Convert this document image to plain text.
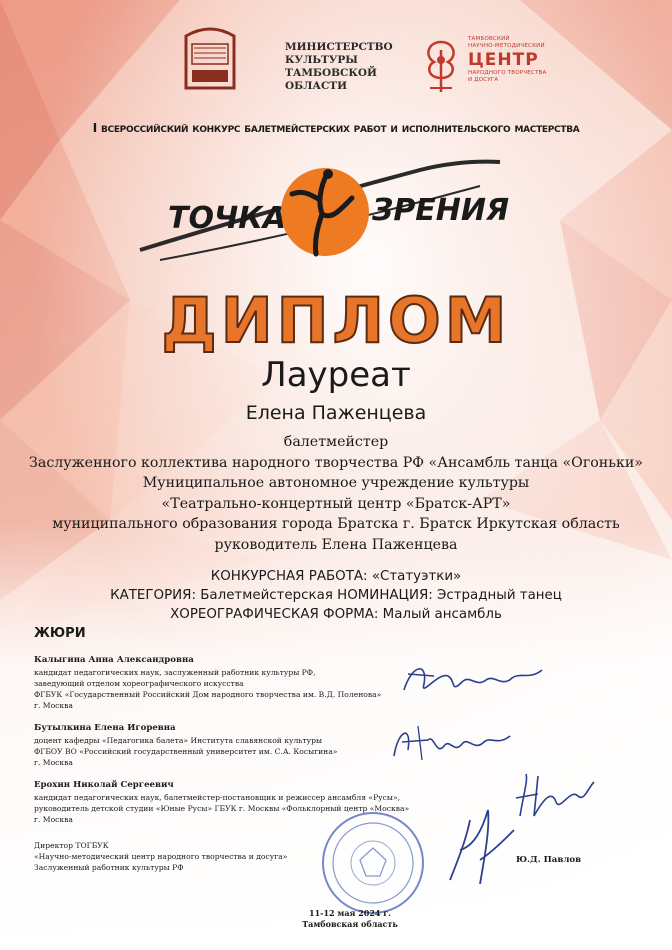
МИНИСТЕРСТВО
КУЛЬТУРЫ
ТАМБОВСКОЙ
ОБЛАСТИ
ТАМБОВСКИЙ
НАУЧНО-МЕТОДИЧЕСКИЙ
ЦЕНТР
НАРОДНОГО ТВОРЧЕСТВА
И ДОСУГА
I всероссийский конкурс балетмейстерских работ и исполнительского мастерства
ТОЧКА	ЗРЕНИЯ
ДИПЛОМ
Лауреат
Елена Паженцева
балетмейстер
Заслуженного коллектива народного творчества РФ «Ансамбль танца «Огоньки»
Муниципальное автономное учреждение культуры
«Театрально-концертный центр «Братск-АРТ»
муниципального образования города Братска г. Братск Иркутская область
руководитель Елена Паженцева
КОНКУРСНАЯ РАБОТА: «Статуэтки»
КАТЕГОРИЯ: Балетмейстерская НОМИНАЦИЯ: Эстрадный танец
ХОРЕОГРАФИЧЕСКАЯ ФОРМА: Малый ансамбль
ЖЮРИ
Калыгина Анна Александровна
кандидат педагогических наук, заслуженный работник культуры РФ,
заведующий отделом хореографического искусства
ФГБУК «Государственный Российский Дом народного творчества им. В.Д. Поленова»
г. Москва
Бутылкина Елена Игоревна
доцент кафедры «Педагогика балета» Института славянской культуры
ФГБОУ ВО «Российский государственный университет им. С.А. Косыгина»
г. Москва
Ерохин Николай Сергеевич
кандидат педагогических наук, балетмейстер-постановщик и режиссер ансамбля «Русы»,
руководитель детской студии «Юные Русы» ГБУК г. Москвы «Фольклорный центр «Москва»
г. Москва
Директор ТОГБУК
«Научно-методический центр народного творчества и досуга»
Заслуженный работник культуры РФ
Ю.Д. Павлов
11-12 мая 2024 г.
Тамбовская область
